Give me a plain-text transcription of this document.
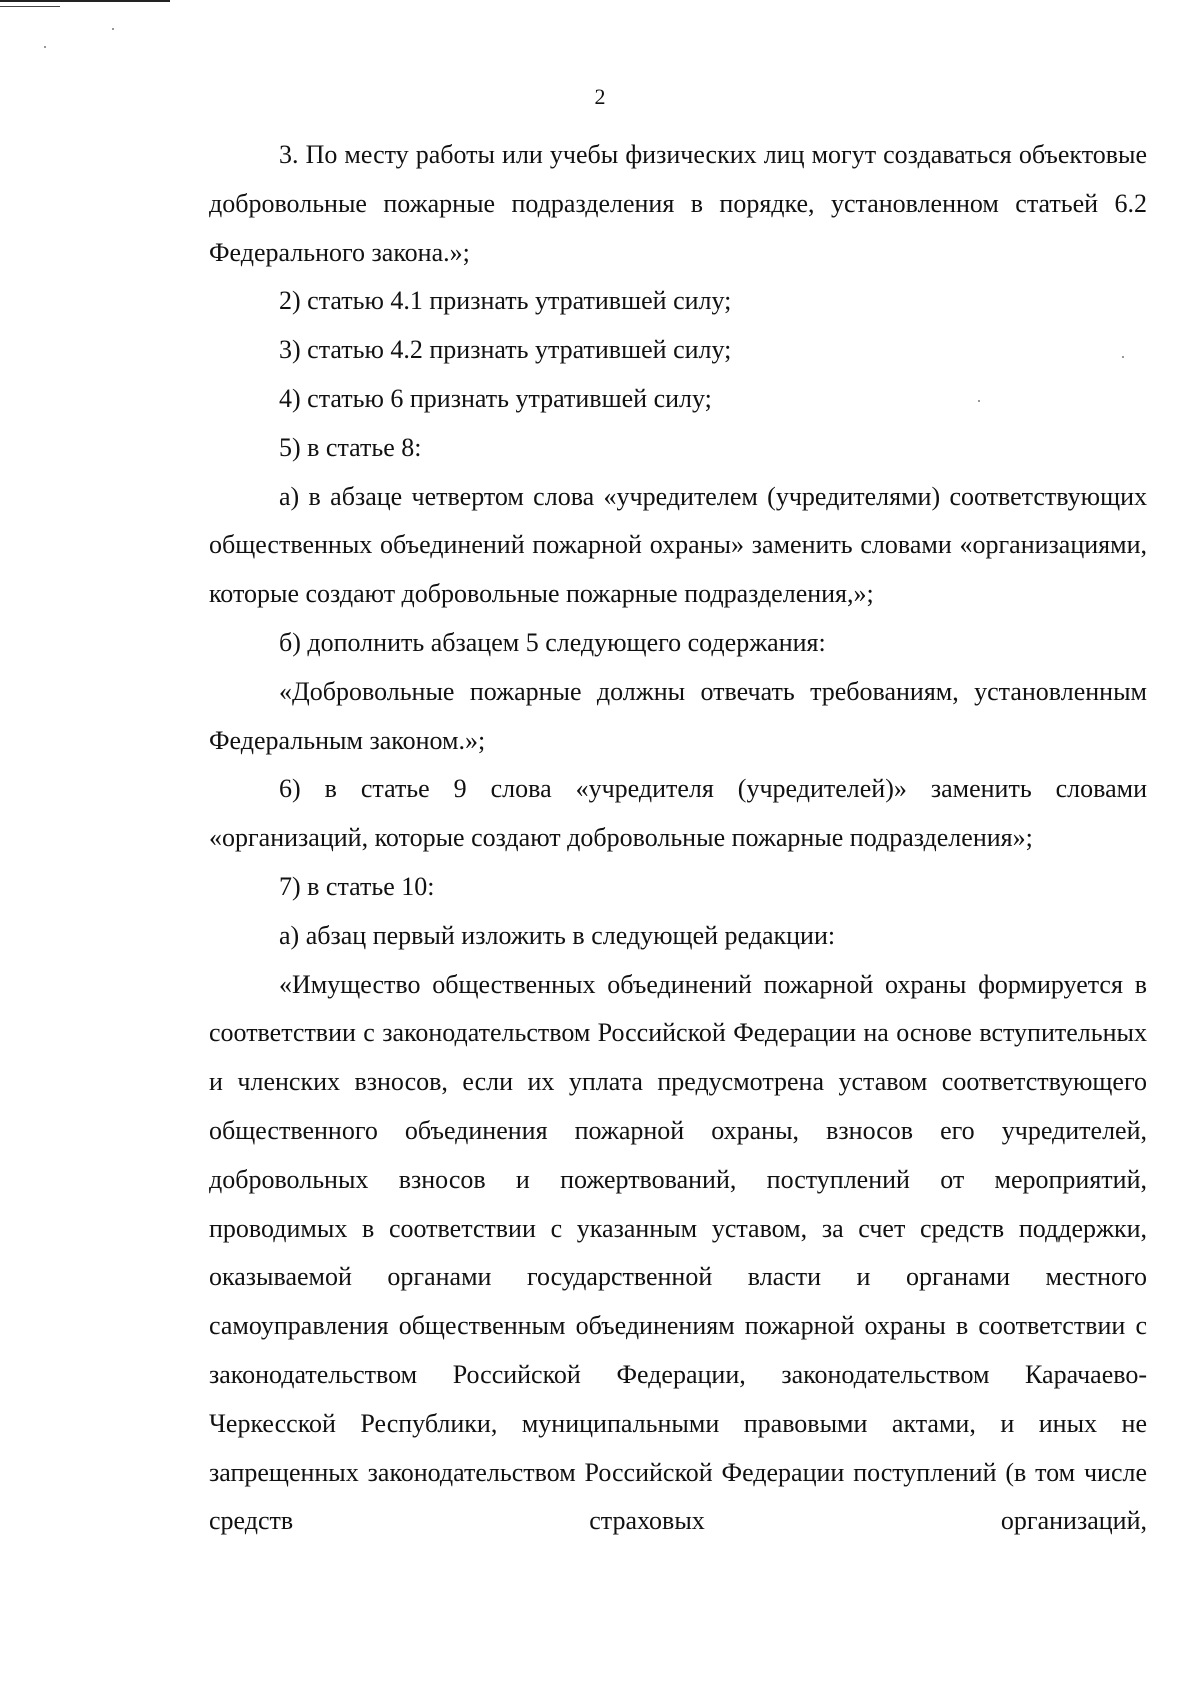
2

3. По месту работы или учебы физических лиц могут создаваться объектовые добровольные пожарные подразделения в порядке, установленном статьей 6.2 Федерального закона.»;

2) статью 4.1 признать утратившей силу;

3) статью 4.2 признать утратившей силу;

4) статью 6 признать утратившей силу;

5) в статье 8:

а) в абзаце четвертом слова «учредителем (учредителями) соответствующих общественных объединений пожарной охраны» заменить словами «организациями, которые создают добровольные пожарные подразделения,»;

б) дополнить абзацем 5 следующего содержания:

«Добровольные пожарные должны отвечать требованиям, установленным Федеральным законом.»;

6) в статье 9 слова «учредителя (учредителей)» заменить словами «организаций, которые создают добровольные пожарные подразделения»;

7) в статье 10:

а) абзац первый изложить в следующей редакции:

«Имущество общественных объединений пожарной охраны формируется в соответствии с законодательством Российской Федерации на основе вступительных и членских взносов, если их уплата предусмотрена уставом соответствующего общественного объединения пожарной охраны, взносов его учредителей, добровольных взносов и пожертвований, поступлений от мероприятий, проводимых в соответствии с указанным уставом, за счет средств поддержки, оказываемой органами государственной власти и органами местного самоуправления общественным объединениям пожарной охраны в соответствии с законодательством Российской Федерации, законодательством Карачаево-Черкесской Республики, муниципальными правовыми актами, и иных не запрещенных законодательством Российской Федерации поступлений (в том числе средств страховых организаций,
